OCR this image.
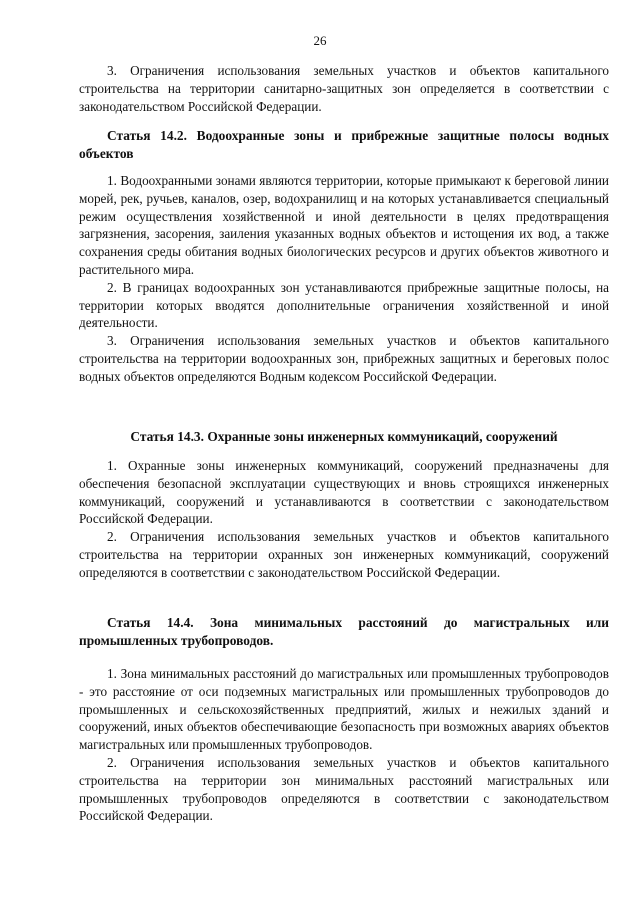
26

3. Ограничения использования земельных участков и объектов капитального строительства на территории санитарно-защитных зон определяется в соответствии с законодательством Российской Федерации.

Статья 14.2. Водоохранные зоны и прибрежные защитные полосы водных объектов

1. Водоохранными зонами являются территории, которые примыкают к береговой линии морей, рек, ручьев, каналов, озер, водохранилищ и на которых устанавливается специальный режим осуществления хозяйственной и иной деятельности в целях предотвращения загрязнения, засорения, заиления указанных водных объектов и истощения их вод, а также сохранения среды обитания водных биологических ресурсов и других объектов животного и растительного мира.

2. В границах водоохранных зон устанавливаются прибрежные защитные полосы, на территории которых вводятся дополнительные ограничения хозяйственной и иной деятельности.

3. Ограничения использования земельных участков и объектов капитального строительства на территории водоохранных зон, прибрежных защитных и береговых полос водных объектов определяются Водным кодексом Российской Федерации.

Статья 14.3. Охранные зоны инженерных коммуникаций, сооружений

1. Охранные зоны инженерных коммуникаций, сооружений предназначены для обеспечения безопасной эксплуатации существующих и вновь строящихся инженерных коммуникаций, сооружений и устанавливаются в соответствии с законодательством Российской Федерации.

2. Ограничения использования земельных участков и объектов капитального строительства на территории охранных зон инженерных коммуникаций, сооружений определяются в соответствии с законодательством Российской Федерации.

Статья 14.4. Зона минимальных расстояний до магистральных или промышленных трубопроводов.

1. Зона минимальных расстояний до магистральных или промышленных трубопроводов - это расстояние от оси подземных магистральных или промышленных трубопроводов до промышленных и сельскохозяйственных предприятий, жилых и нежилых зданий и сооружений, иных объектов обеспечивающие безопасность при возможных авариях объектов магистральных или промышленных трубопроводов.

2. Ограничения использования земельных участков и объектов капитального строительства на территории зон минимальных расстояний магистральных или промышленных трубопроводов определяются в соответствии с законодательством Российской Федерации.
